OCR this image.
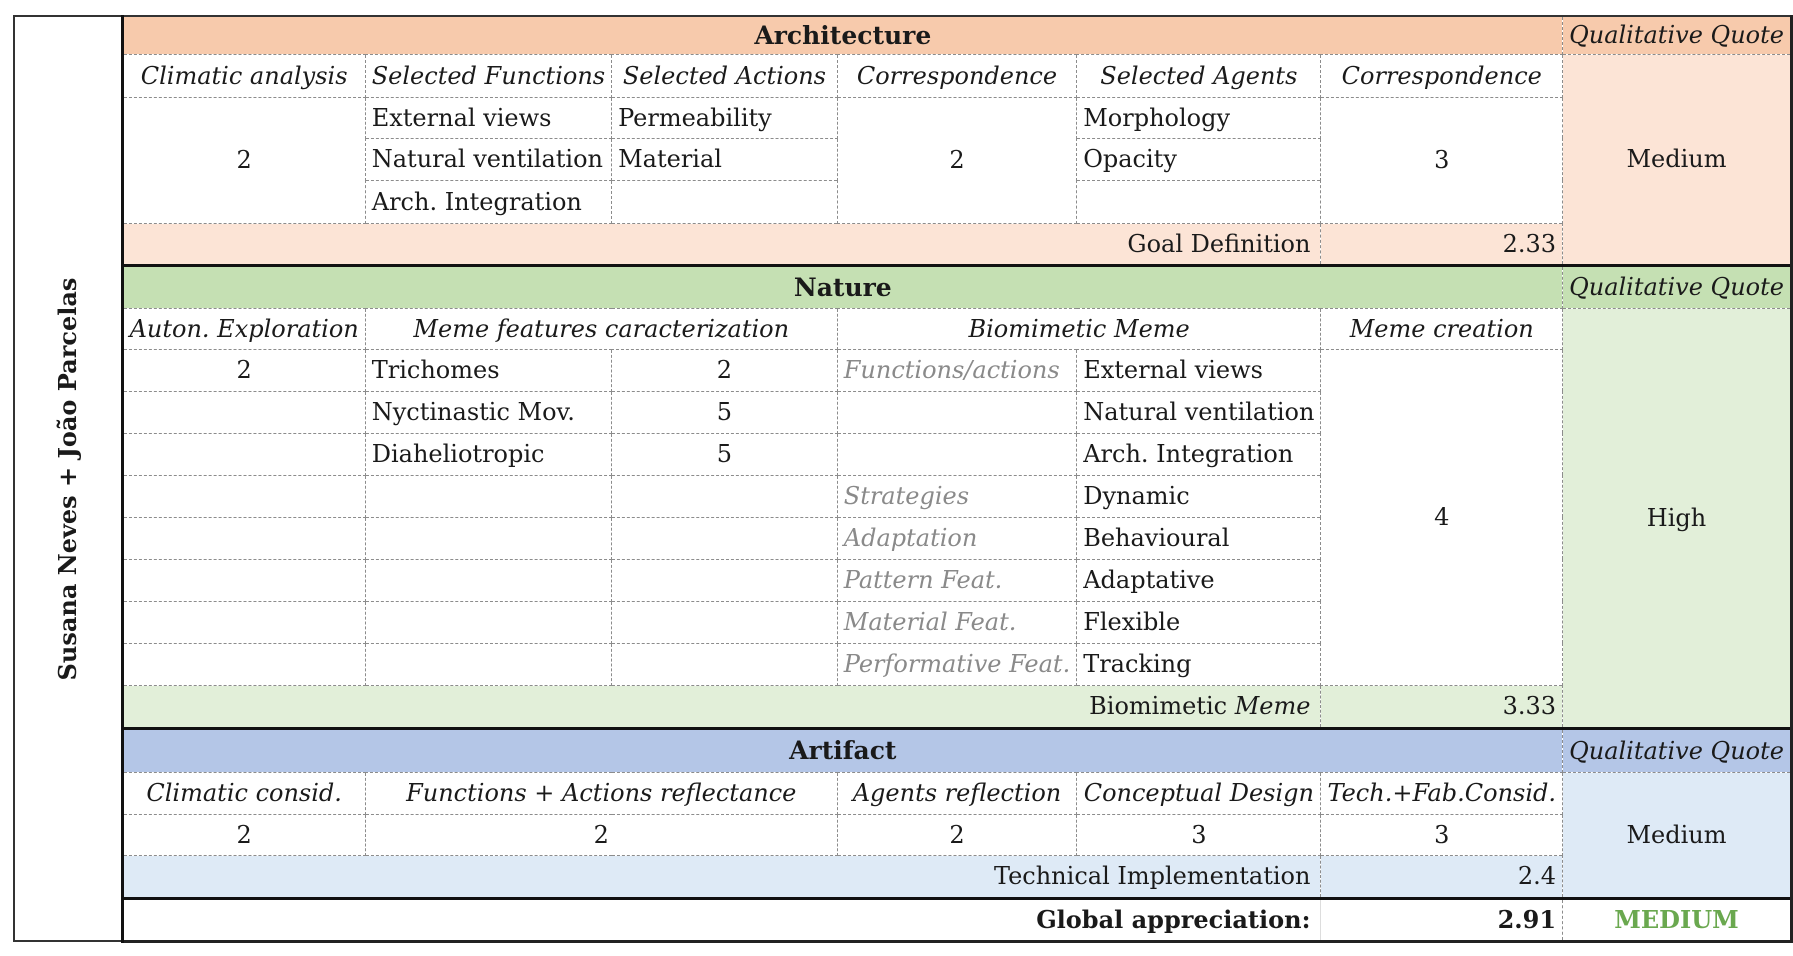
Susana Neves + João Parcelas	Architecture						Qualitative Quote
	Climatic analysis	Selected Functions	Selected Actions	Correspondence	Selected Agents	Correspondence	Medium
	2	External views	Permeability	2	Morphology	3	
		Natural ventilation	Material		Opacity		
		Arch. Integration					
	Goal Definition					2.33	
	Nature						Qualitative Quote
	Auton. Exploration	Meme features caracterization		Biomimetic Meme		Meme creation	High
	2	Trichomes	2	Functions/actions	External views	4	
		Nyctinastic Mov.	5		Natural ventilation		
		Diaheliotropic	5		Arch. Integration		
				Strategies	Dynamic		
				Adaptation	Behavioural		
				Pattern Feat.	Adaptative		
				Material Feat.	Flexible		
				Performative Feat.	Tracking		
	Biomimetic Meme					3.33	
	Artifact						Qualitative Quote
	Climatic consid.	Functions + Actions reflectance		Agents reflection	Conceptual Design	Tech.+Fab.Consid.	Medium
	2	2		2	3	3	
	Technical Implementation					2.4	
	Global appreciation:					2.91	MEDIUM
